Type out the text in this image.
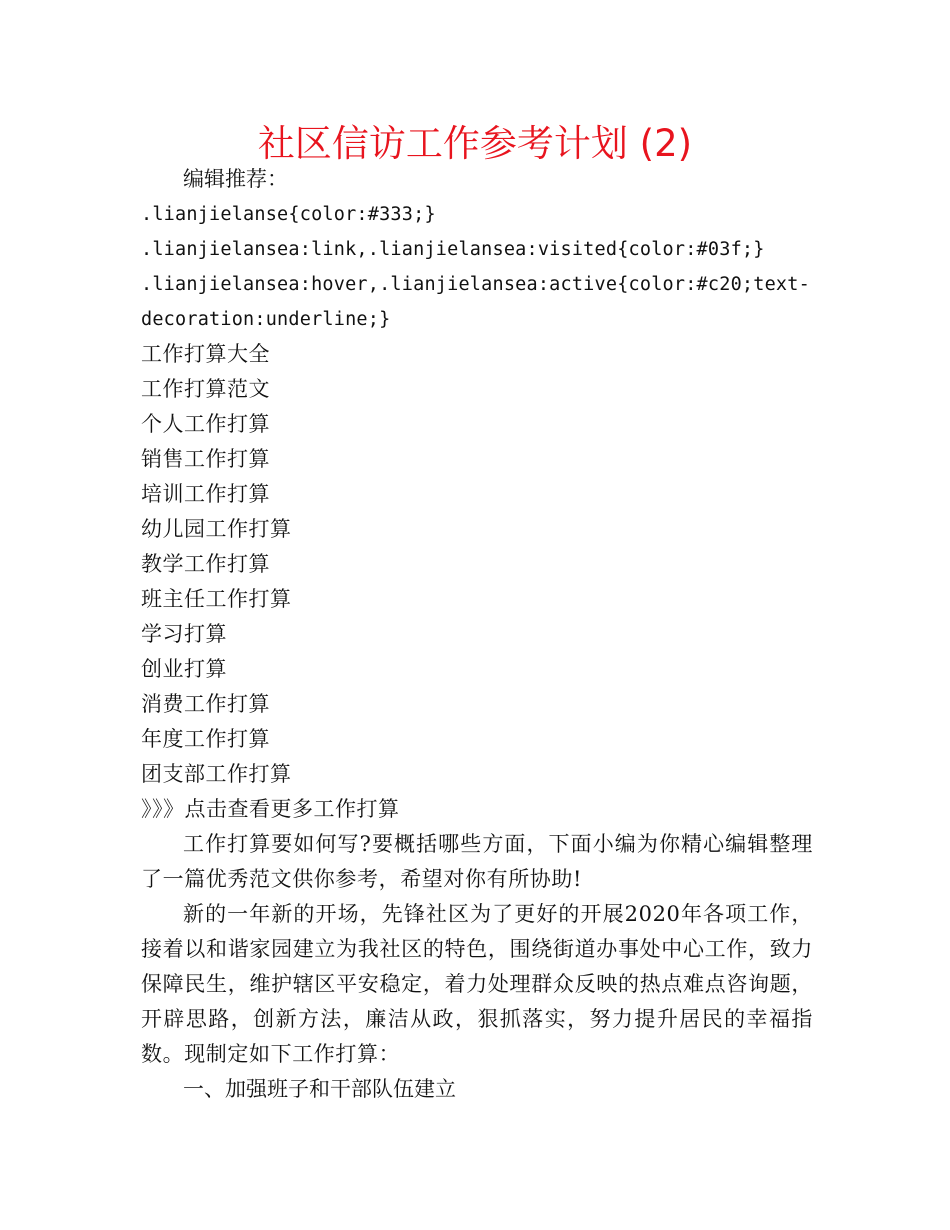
社区信访工作参考计划 (2)
编辑推荐：
.lianjielanse{color:#333;}
.lianjielansea:link,.lianjielansea:visited{color:#03f;}
.lianjielansea:hover,.lianjielansea:active{color:#c20;text-
decoration:underline;}
工作打算大全
工作打算范文
个人工作打算
销售工作打算
培训工作打算
幼儿园工作打算
教学工作打算
班主任工作打算
学习打算
创业打算
消费工作打算
年度工作打算
团支部工作打算
》》》点击查看更多工作打算
工作打算要如何写?要概括哪些方面，下面小编为你精心编辑整理了一篇优秀范文供你参考，希望对你有所协助!
新的一年新的开场，先锋社区为了更好的开展2020年各项工作，接着以和谐家园建立为我社区的特色，围绕街道办事处中心工作，致力保障民生，维护辖区平安稳定，着力处理群众反映的热点难点咨询题，开辟思路，创新方法，廉洁从政，狠抓落实，努力提升居民的幸福指数。现制定如下工作打算：
一、加强班子和干部队伍建立
